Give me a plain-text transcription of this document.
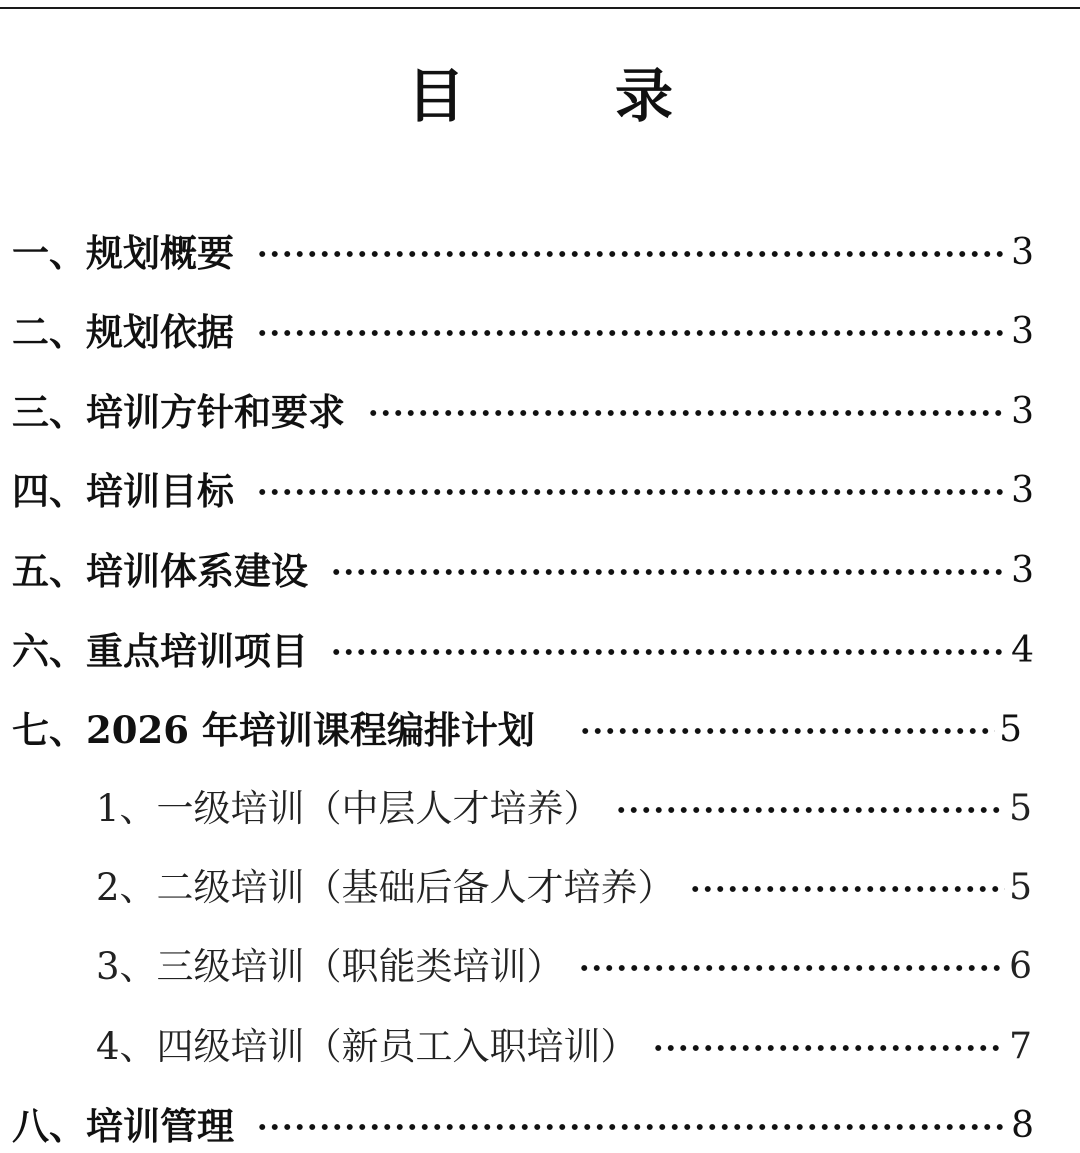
目	录
一、规划概要	3
二、规划依据	3
三、培训方针和要求	3
四、培训目标	3
五、培训体系建设	3
六、重点培训项目	4
七、2026 年培训课程编排计划	5
1、一级培训（中层人才培养）	5
2、二级培训（基础后备人才培养）	5
3、三级培训（职能类培训）	6
4、四级培训（新员工入职培训）	7
八、培训管理	8
